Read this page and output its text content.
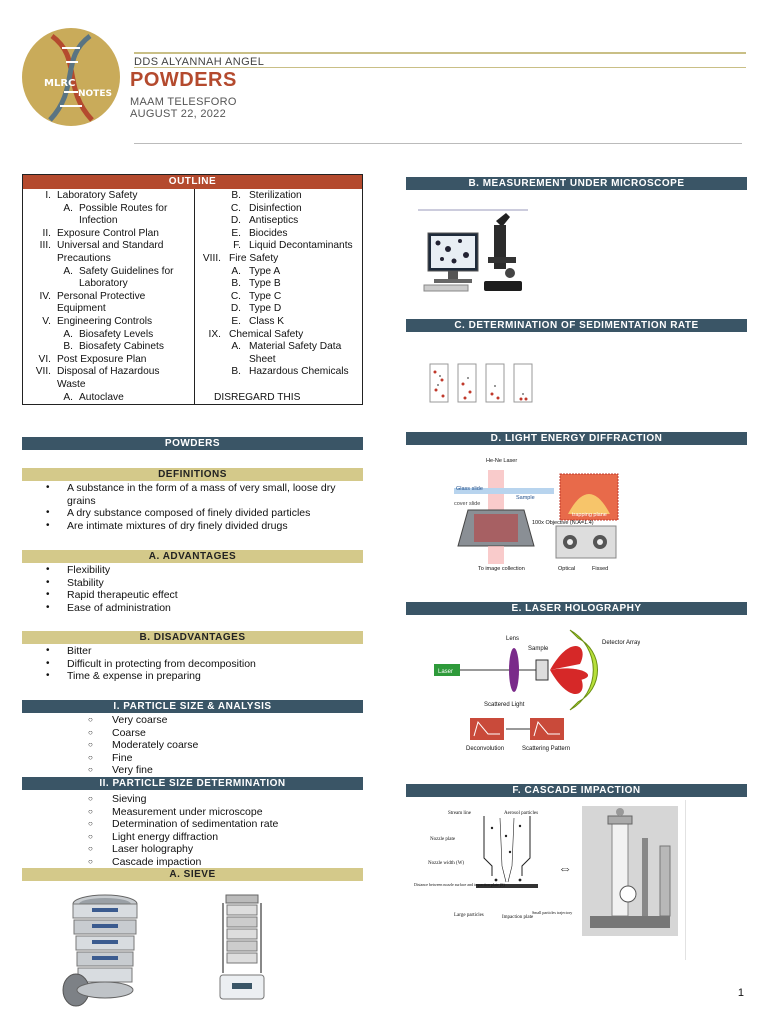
MLRC
NOTES
DDS ALYANNAH ANGEL
POWDERS
MAAM TELESFORO
AUGUST 22, 2022
OUTLINE
I. Laboratory Safety
A. Possible Routes for
Infection
II. Exposure Control Plan
III. Universal and Standard
Precautions
A. Safety Guidelines for
Laboratory
IV. Personal Protective
Equipment
V. Engineering Controls
A. Biosafety Levels
B. Biosafety Cabinets
VI. Post Exposure Plan
VII. Disposal of Hazardous
Waste
A. Autoclave
B. Sterilization
C. Disinfection
D. Antiseptics
E. Biocides
F. Liquid Decontaminants
VIII. Fire Safety
A. Type A
B. Type B
C. Type C
D. Type D
E. Class K
IX. Chemical Safety
A. Material Safety Data
Sheet
B. Hazardous Chemicals
DISREGARD THIS
POWDERS
DEFINITIONS
• A substance in the form of a mass of very small, loose dry
grains
• A dry substance composed of finely divided particles
• Are intimate mixtures of dry finely divided drugs
A. ADVANTAGES
• Flexibility
• Stability
• Rapid therapeutic effect
• Ease of administration
B. DISADVANTAGES
• Bitter
• Difficult in protecting from decomposition
• Time & expense in preparing
I. PARTICLE SIZE & ANALYSIS
○ Very coarse
○ Coarse
○ Moderately coarse
○ Fine
○ Very fine
II. PARTICLE SIZE DETERMINATION
○ Sieving
○ Measurement under microscope
○ Determination of sedimentation rate
○ Light energy diffraction
○ Laser holography
○ Cascade impaction
A. SIEVE
B. MEASUREMENT UNDER MICROSCOPE
C. DETERMINATION OF SEDIMENTATION RATE
D. LIGHT ENERGY DIFFRACTION
He-Ne Laser
Glass slide
cover slide
Sample
100x Objective (N.A=1.4)
To image collection
trapping plane
Optical	Fissed
E. LASER HOLOGRAPHY
Laser
Lens
Sample
Detector Array
Scattered Light
Deconvolution	Scattering Pattern
F. CASCADE IMPACTION
Stream line	Aerosol particles
Nozzle plate
Nozzle width (W)
Distance between nozzle surface and impaction plate (S)
Large particles	Impaction plate
Small particles trajectory
⇔
1
